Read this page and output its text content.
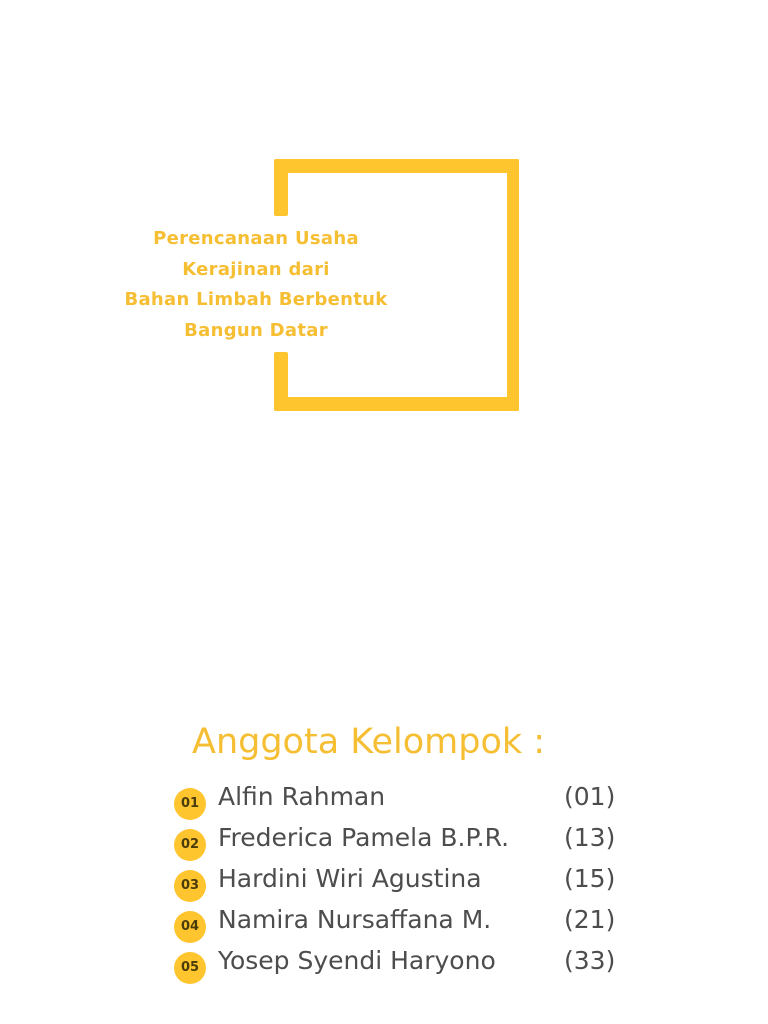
Perencanaan Usaha
Kerajinan dari
Bahan Limbah Berbentuk
Bangun Datar
Anggota Kelompok :
01 Alfin Rahman	(01)
02 Frederica Pamela B.P.R. (13)
03 Hardini Wiri Agustina	(15)
04 Namira Nursaffana M.	(21)
05 Yosep Syendi Haryono	(33)
